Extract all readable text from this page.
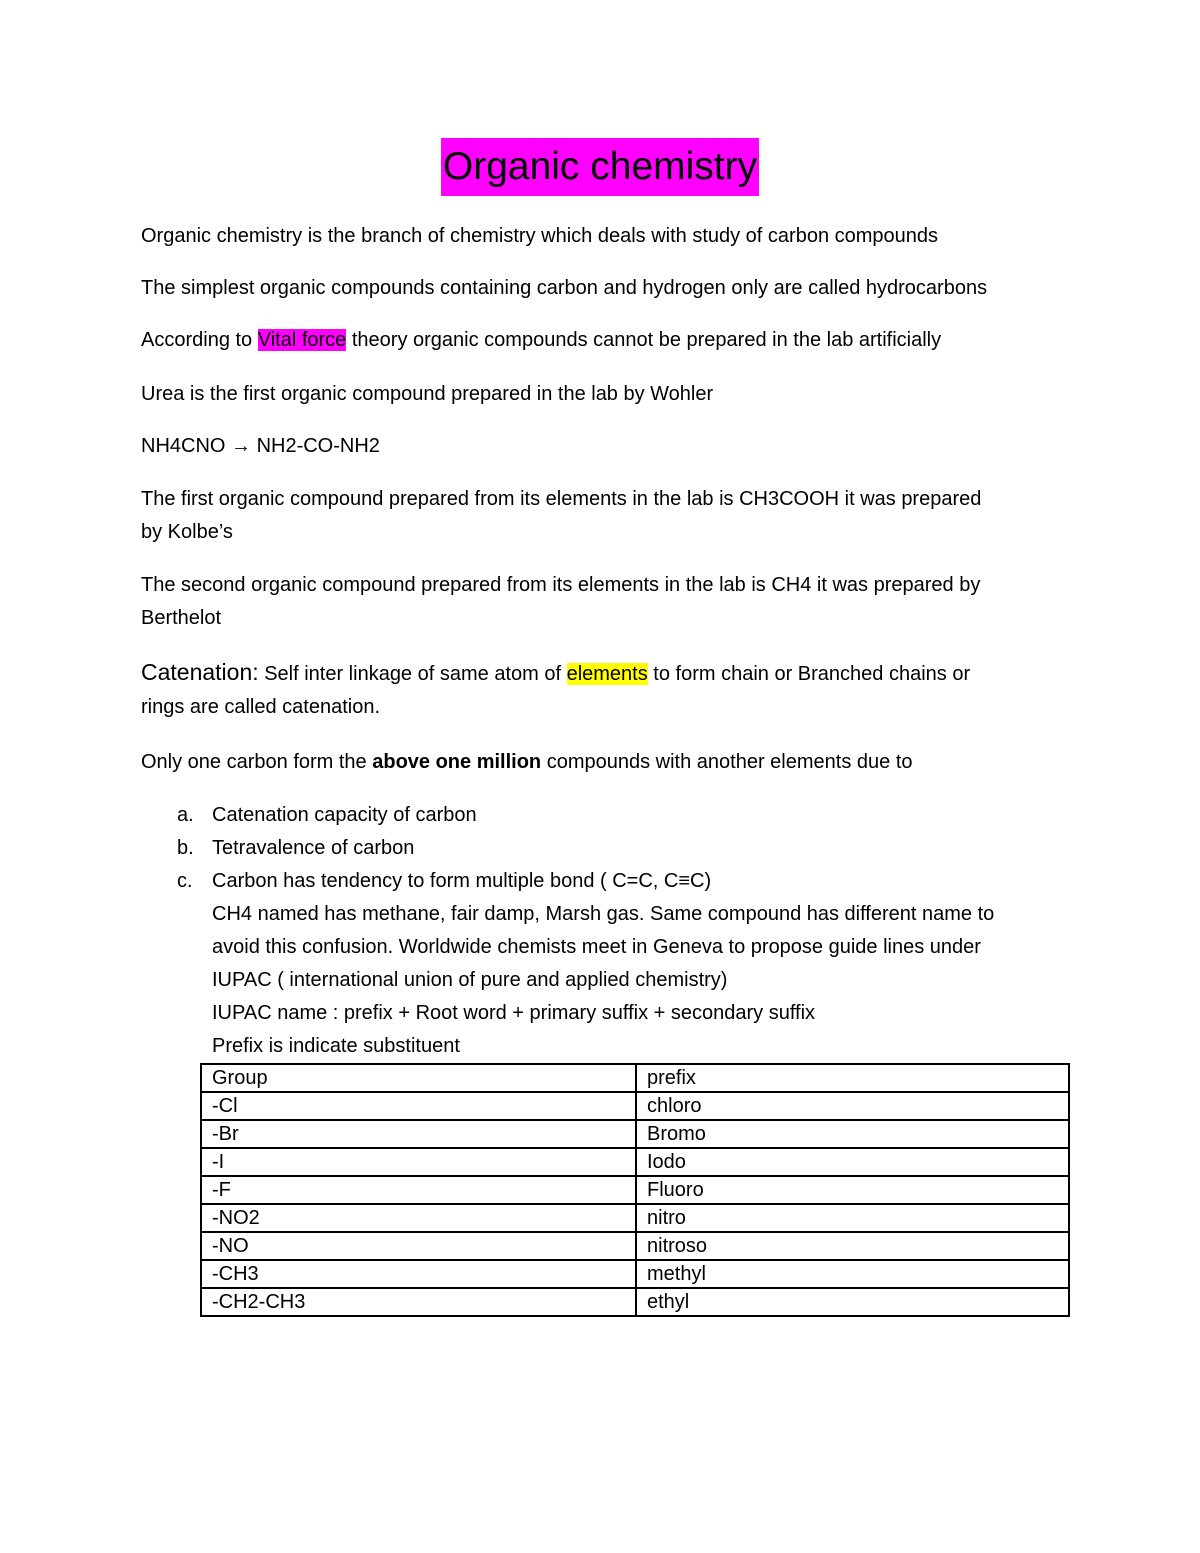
Organic chemistry
Organic chemistry is the branch of chemistry which deals with study of carbon compounds
The simplest organic compounds containing carbon and hydrogen only are called hydrocarbons
According to Vital force theory organic compounds cannot be prepared in the lab artificially
Urea is the first organic compound prepared in the lab by Wohler
NH4CNO → NH2-CO-NH2
The first organic compound prepared from its elements in the lab is CH3COOH it was prepared
by Kolbe’s
The second organic compound prepared from its elements in the lab is CH4 it was prepared by
Berthelot
Catenation: Self inter linkage of same atom of elements to form chain or Branched chains or
rings are called catenation.
Only one carbon form the above one million compounds with another elements due to
a. Catenation capacity of carbon
b. Tetravalence of carbon
c. Carbon has tendency to form multiple bond ( C=C, C≡C)
CH4 named has methane, fair damp, Marsh gas. Same compound has different name to
avoid this confusion. Worldwide chemists meet in Geneva to propose guide lines under
IUPAC ( international union of pure and applied chemistry)
IUPAC name : prefix + Root word + primary suffix + secondary suffix
Prefix is indicate substituent
Group	prefix
-Cl	chloro
-Br	Bromo
-I	Iodo
-F	Fluoro
-NO2	nitro
-NO	nitroso
-CH3	methyl
-CH2-CH3	ethyl
